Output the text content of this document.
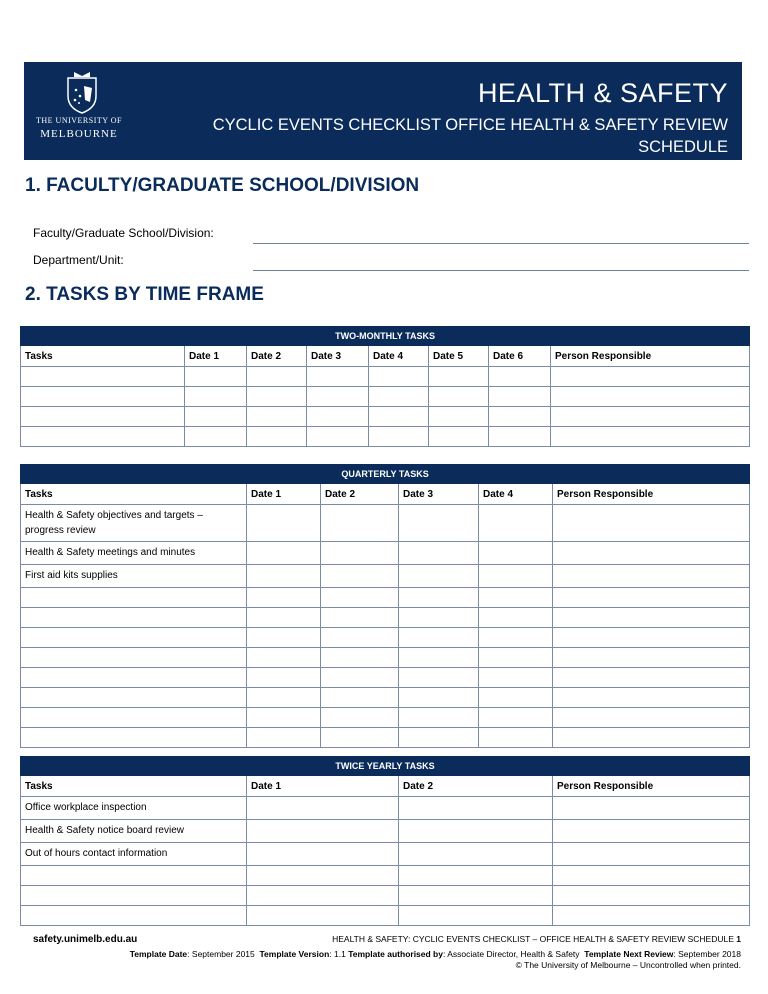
THE UNIVERSITY OF
MELBOURNE
HEALTH & SAFETY
CYCLIC EVENTS CHECKLIST OFFICE HEALTH & SAFETY REVIEW SCHEDULE
1. FACULTY/GRADUATE SCHOOL/DIVISION
Faculty/Graduate School/Division:
Department/Unit:
2. TASKS BY TIME FRAME
TWO-MONTHLY TASKS							
Tasks	Date 1	Date 2	Date 3	Date 4	Date 5	Date 6	Person Responsible

QUARTERLY TASKS					
Tasks	Date 1	Date 2	Date 3	Date 4	Person Responsible
Health & Safety objectives and targets – progress review					
Health & Safety meetings and minutes					
First aid kits supplies					

TWICE YEARLY TASKS			
Tasks	Date 1	Date 2	Person Responsible
Office workplace inspection			
Health & Safety notice board review			
Out of hours contact information			

safety.unimelb.edu.au	HEALTH & SAFETY: CYCLIC EVENTS CHECKLIST – OFFICE HEALTH & SAFETY REVIEW SCHEDULE 1
Template Date: September 2015 Template Version: 1.1 Template authorised by: Associate Director, Health & Safety Template Next Review: September 2018
© The University of Melbourne – Uncontrolled when printed.
